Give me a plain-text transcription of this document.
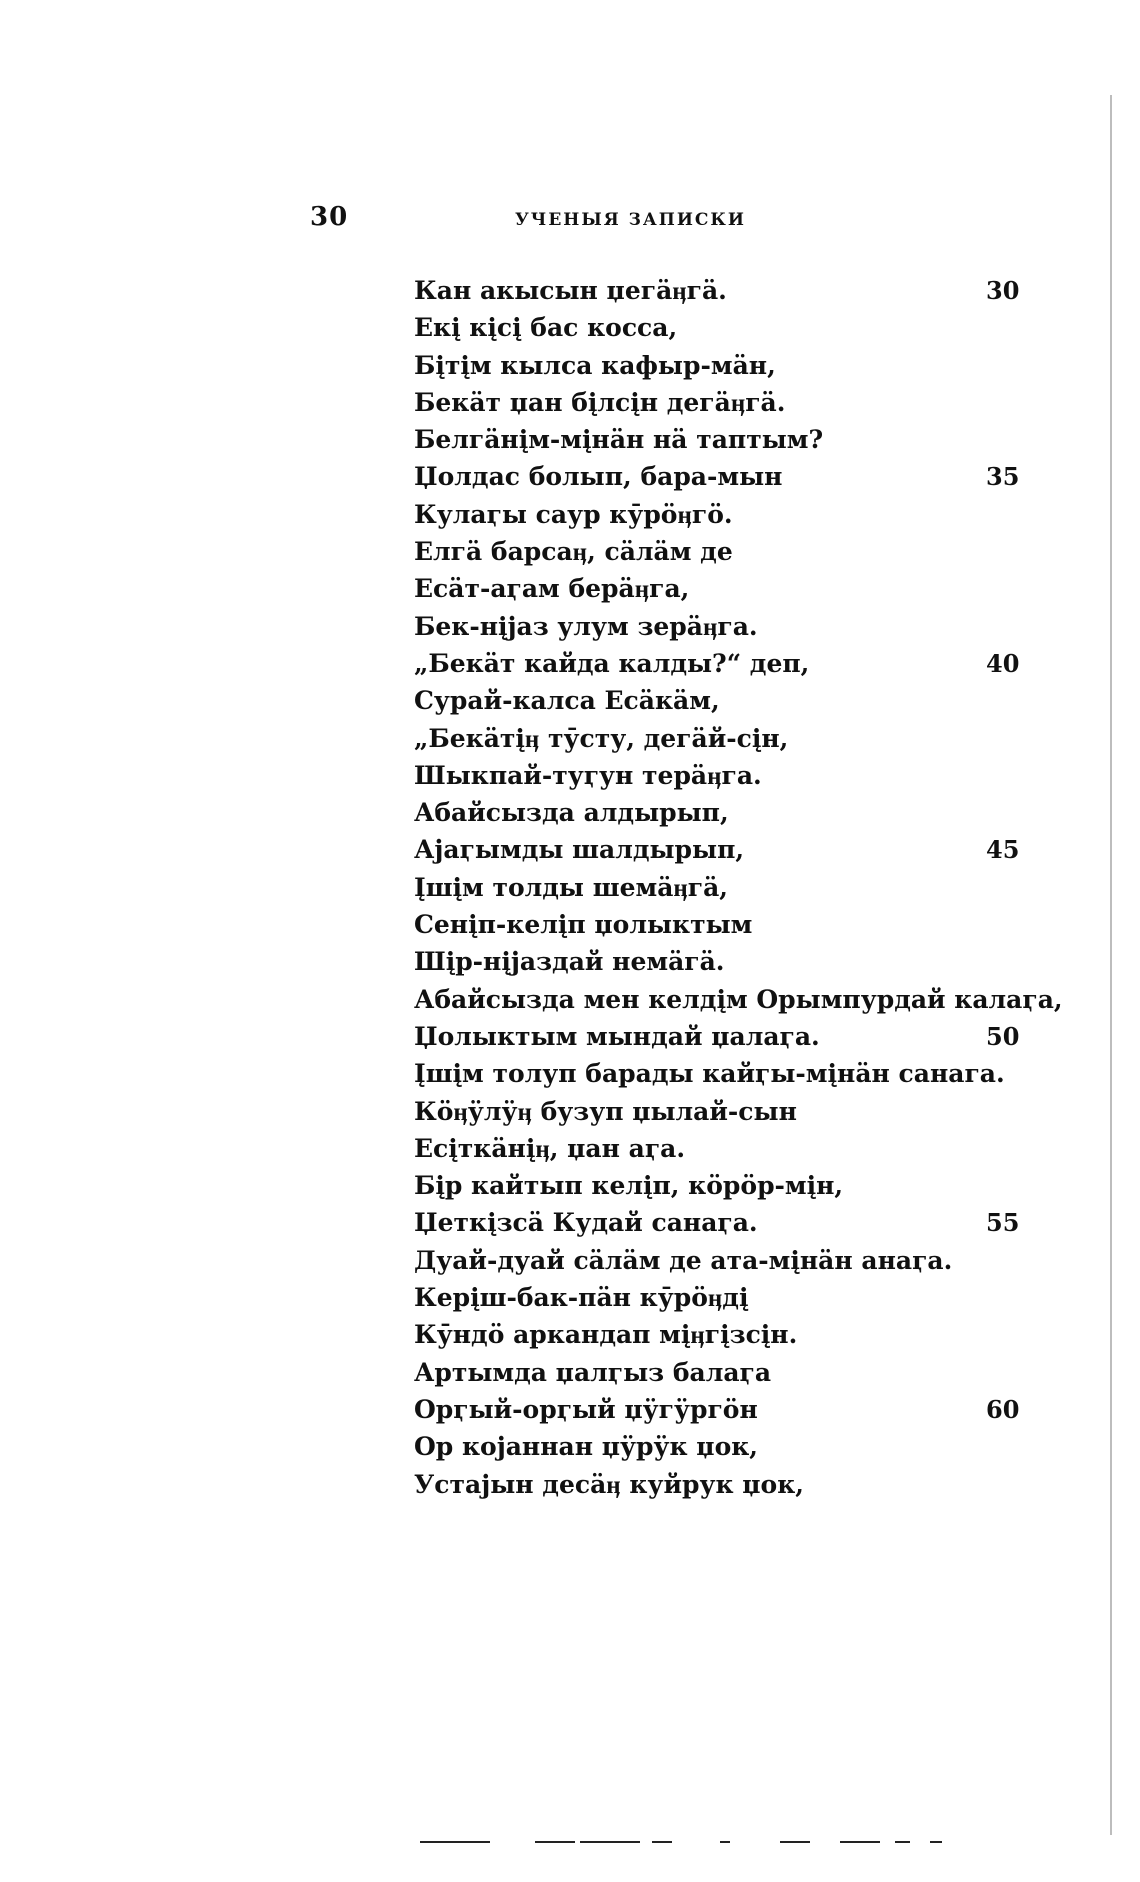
30	УЧЕНЫЯ ЗАПИСКИ
Кан акысын џегäӊгä.	30
Екį кįсį бас косса,
Бįтįм кылса кафыр-мäн,
Бекäт џан бįлсįн дегäӊгä.
Белгäнįм-мįнäн нä таптым?
Џолдас болып, бара-мын	35
Кулаӷы саур кӯрӧӊгӧ.
Елгä барсаӊ, сäлäм де
Есäт-аӷам берäӊга,
Бек-нįјаз улум зерäӊга.
„Бекäт кайда калды?“ деп,	40
Сурай-калса Есäкäм,
„Бекäтįӊ тӯсту, дегäй-сįн,
Шыкпай-туӷун терäӊга.
Абайсызда алдырып,
Ајаӷымды шалдырып,	45
Įшįм толды шемäӊгä,
Сенįп-келįп џолыктым
Шįр-нįјаздай немäгä.
Абайсызда мен келдįм Орымпурдай калаӷа,
Џолыктым мындай џалаӷа.	50
Įшįм толуп барады кайӷы-мįнäн санага.
Кӧӊӱлӱӊ бузуп џылай-сын
Есįткäнįӊ, џан аӷа.
Бįр кайтып келįп, кӧрӧр-мįн,
Џеткįзсä Кудай санаӷа.	55
Дуай-дуай сäлäм де ата-мįнäн анаӷа.
Керįш-бак-пäн кӯрӧӊдį
Кӯндӧ аркандап мįӊгįзсįн.
Артымда џалӷыз балаӷа
Орӷый-орӷый џӱгӱргӧн	60
Ор којаннан џӱрӱк џок,
Устајын десäӊ куйрук џок,
